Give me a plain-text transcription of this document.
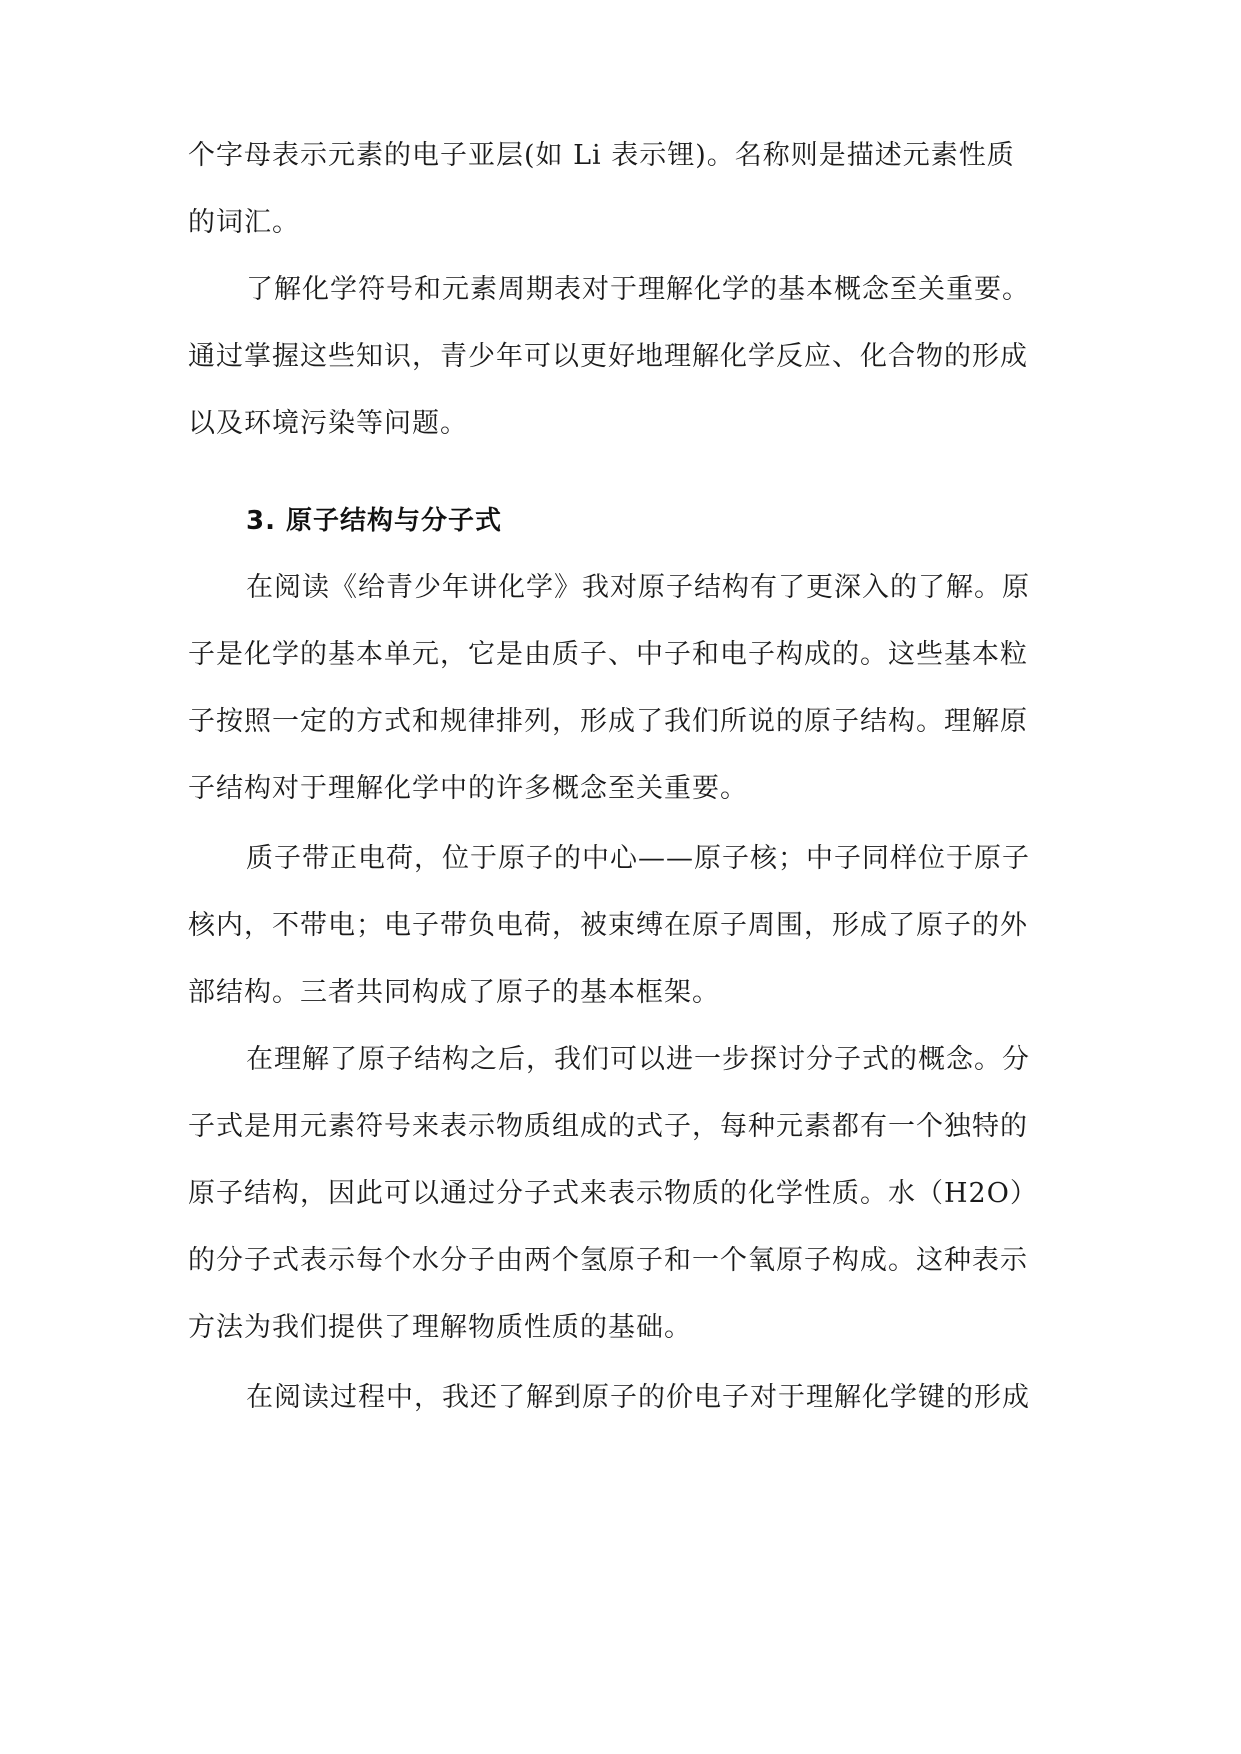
个字母表示元素的电子亚层(如 Li 表示锂)。名称则是描述元素性质
的词汇。
了解化学符号和元素周期表对于理解化学的基本概念至关重要。
通过掌握这些知识，青少年可以更好地理解化学反应、化合物的形成
以及环境污染等问题。
3. 原子结构与分子式
在阅读《给青少年讲化学》我对原子结构有了更深入的了解。原
子是化学的基本单元，它是由质子、中子和电子构成的。这些基本粒
子按照一定的方式和规律排列，形成了我们所说的原子结构。理解原
子结构对于理解化学中的许多概念至关重要。
质子带正电荷，位于原子的中心——原子核；中子同样位于原子
核内，不带电；电子带负电荷，被束缚在原子周围，形成了原子的外
部结构。三者共同构成了原子的基本框架。
在理解了原子结构之后，我们可以进一步探讨分子式的概念。分
子式是用元素符号来表示物质组成的式子，每种元素都有一个独特的
原子结构，因此可以通过分子式来表示物质的化学性质。水（H2O）
的分子式表示每个水分子由两个氢原子和一个氧原子构成。这种表示
方法为我们提供了理解物质性质的基础。
在阅读过程中，我还了解到原子的价电子对于理解化学键的形成
